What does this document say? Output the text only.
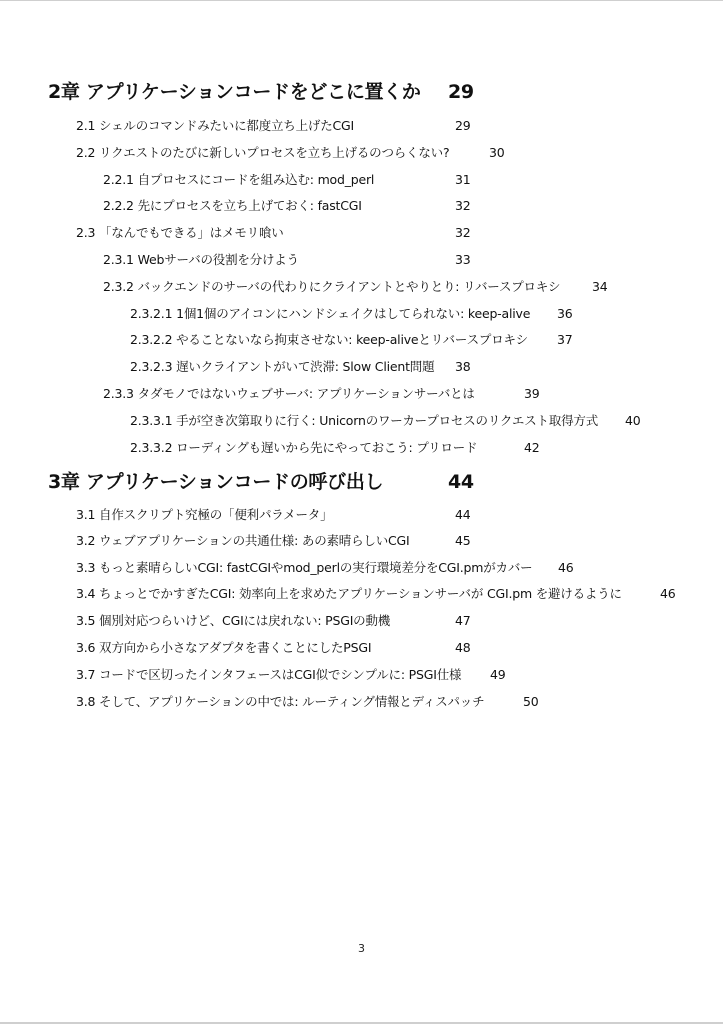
2章 アプリケーションコードをどこに置くか 29
2.1 シェルのコマンドみたいに都度立ち上げたCGI	29
2.2 リクエストのたびに新しいプロセスを立ち上げるのつらくない?	30
2.2.1 自プロセスにコードを組み込む: mod_perl	31
2.2.2 先にプロセスを立ち上げておく: fastCGI	32
2.3 「なんでもできる」はメモリ喰い	32
2.3.1 Webサーバの役割を分けよう	33
2.3.2 バックエンドのサーバの代わりにクライアントとやりとり: リバースプロキシ	34
2.3.2.1 1個1個のアイコンにハンドシェイクはしてられない: keep-alive 36
2.3.2.2 やることないなら拘束させない: keep-aliveとリバースプロキシ 37
2.3.2.3 遅いクライアントがいて渋滞: Slow Client問題 38
2.3.3 タダモノではないウェブサーバ: アプリケーションサーバとは	39
2.3.3.1 手が空き次第取りに行く: Unicornのワーカープロセスのリクエスト取得方式 40
2.3.3.2 ローディングも遅いから先にやっておこう: プリロード	42
3章 アプリケーションコードの呼び出し	44
3.1 自作スクリプト究極の「便利パラメータ」	44
3.2 ウェブアプリケーションの共通仕様: あの素晴らしいCGI	45
3.3 もっと素晴らしいCGI: fastCGIやmod_perlの実行環境差分をCGI.pmがカバー 46
3.4 ちょっとでかすぎたCGI: 効率向上を求めたアプリケーションサーバが CGI.pm を避けるように	46
3.5 個別対応つらいけど、CGIには戻れない: PSGIの動機	47
3.6 双方向から小さなアダプタを書くことにしたPSGI	48
3.7 コードで区切ったインタフェースはCGI似でシンプルに: PSGI仕様 49
3.8 そして、アプリケーションの中では: ルーティング情報とディスパッチ	50
3
